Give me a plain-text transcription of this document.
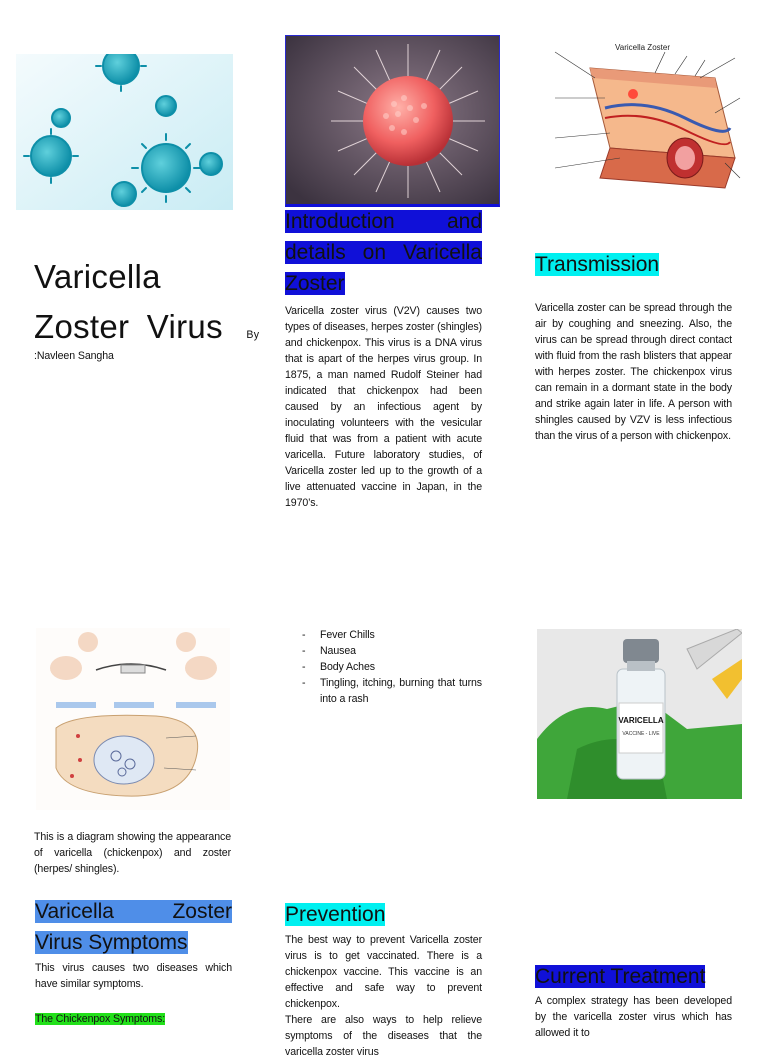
Varicella
Zoster Virus By
:Navleen Sangha
Introduction and details on Varicella Zoster
Varicella zoster virus (V2V) causes two types of diseases, herpes zoster (shingles) and chickenpox. This virus is a DNA virus that is apart of the herpes virus group. In 1875, a man named Rudolf Steiner had indicated that chickenpox had been caused by an infectious agent by inoculating volunteers with the vesicular fluid that was from a patient with acute varicella. Future laboratory studies, of Varicella zoster led up to the growth of a live attenuated vaccine in Japan, in the 1970’s.
Varicella Zoster
Transmission
Varicella zoster can be spread through the air by coughing and sneezing. Also, the virus can be spread through direct contact with fluid from the rash blisters that appear with herpes zoster. The chickenpox virus can remain in a dormant state in the body and strike again later in life. A person with shingles caused by VZV is less infectious than the virus of a person with chickenpox.
This is a diagram showing the appearance of varicella (chickenpox) and zoster (herpes/ shingles).
- Fever Chills
- Nausea
- Body Aches
- Tingling, itching, burning that turns into a rash
VARICELLA
VACCINE - LIVE
Varicella Zoster Virus Symptoms
This virus causes two diseases which have similar symptoms.
The Chickenpox Symptoms:
Prevention
The best way to prevent Varicella zoster virus is to get vaccinated. There is a chickenpox vaccine. This vaccine is an effective and safe way to prevent chickenpox.
There are also ways to help relieve symptoms of the diseases that the varicella zoster virus
Current Treatment
A complex strategy has been developed by the varicella zoster virus which has allowed it to
